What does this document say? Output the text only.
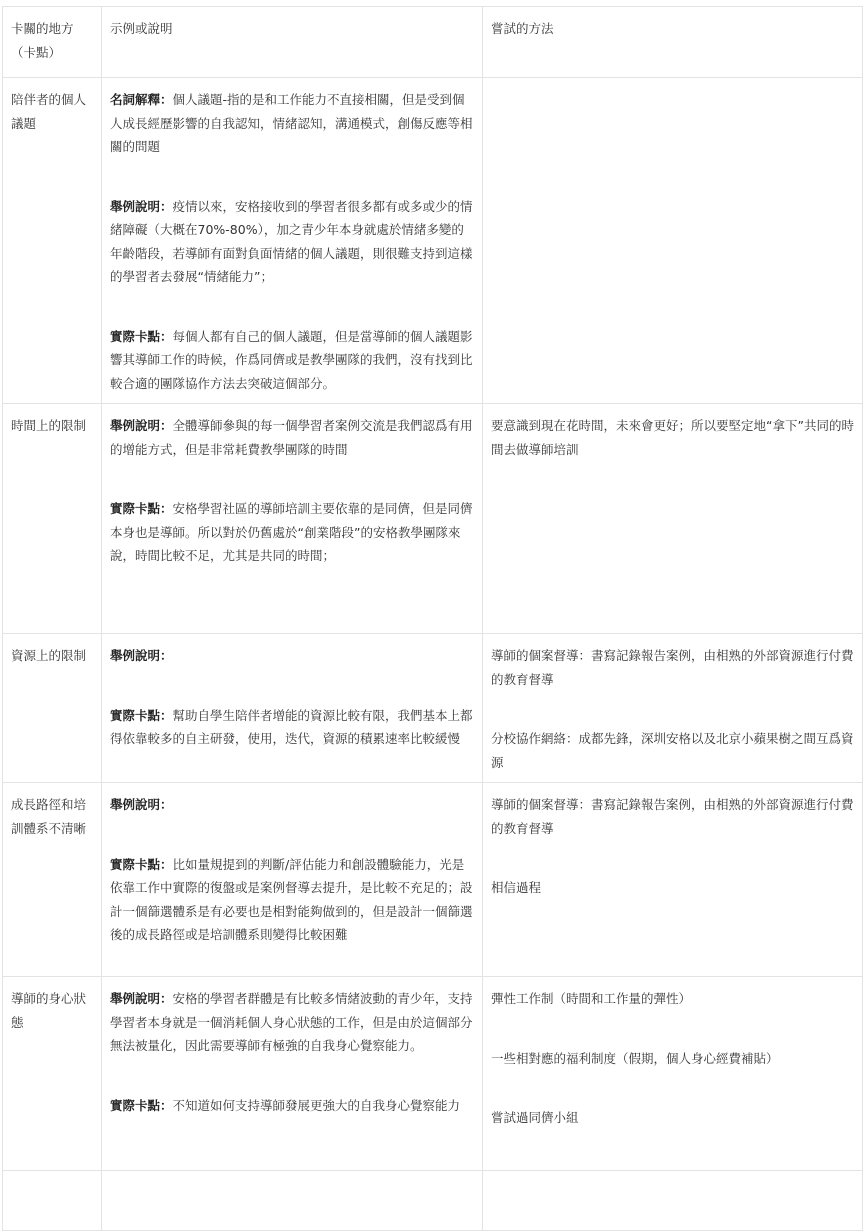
卡關的地方
（卡點）	示例或說明	嘗試的方法
陪伴者的個人議題	名詞解釋：個人議題-指的是和工作能力不直接相關，但是受到個人成長經歷影響的自我認知，情緒認知，溝通模式，創傷反應等相關的問題
舉例說明：疫情以來，安格接收到的學習者很多都有或多或少的情緒障礙（大概在70%-80%），加之青少年本身就處於情緒多變的年齡階段，若導師有面對負面情緒的個人議題，則很難支持到這樣的學習者去發展“情緒能力”；
實際卡點：每個人都有自己的個人議題，但是當導師的個人議題影響其導師工作的時候，作爲同儕或是教學團隊的我們，沒有找到比較合適的團隊協作方法去突破這個部分。	

時間上的限制	舉例說明：全體導師參與的每一個學習者案例交流是我們認爲有用的增能方式，但是非常耗費教學團隊的時間
實際卡點：安格學習社區的導師培訓主要依靠的是同儕，但是同儕本身也是導師。所以對於仍舊處於“創業階段”的安格教學團隊來說，時間比較不足，尤其是共同的時間；	要意識到現在花時間，未來會更好；所以要堅定地“拿下”共同的時間去做導師培訓

資源上的限制	舉例說明：
實際卡點：幫助自學生陪伴者增能的資源比較有限，我們基本上都得依靠較多的自主研發，使用，迭代，資源的積累速率比較緩慢	導師的個案督導：書寫記錄報告案例，由相熟的外部資源進行付費的教育督導
分校協作網絡：成都先鋒，深圳安格以及北京小蘋果樹之間互爲資源

成長路徑和培訓體系不清晰	舉例說明：
實際卡點：比如量規提到的判斷/評估能力和創設體驗能力，光是依靠工作中實際的復盤或是案例督導去提升，是比較不充足的；設計一個篩選體系是有必要也是相對能夠做到的，但是設計一個篩選後的成長路徑或是培訓體系則變得比較困難	導師的個案督導：書寫記錄報告案例，由相熟的外部資源進行付費的教育督導
相信過程

導師的身心狀態	舉例說明：安格的學習者群體是有比較多情緒波動的青少年，支持學習者本身就是一個消耗個人身心狀態的工作，但是由於這個部分無法被量化，因此需要導師有極強的自我身心覺察能力。
實際卡點：不知道如何支持導師發展更強大的自我身心覺察能力	彈性工作制（時間和工作量的彈性）
一些相對應的福利制度（假期，個人身心經費補貼）
嘗試過同儕小組
